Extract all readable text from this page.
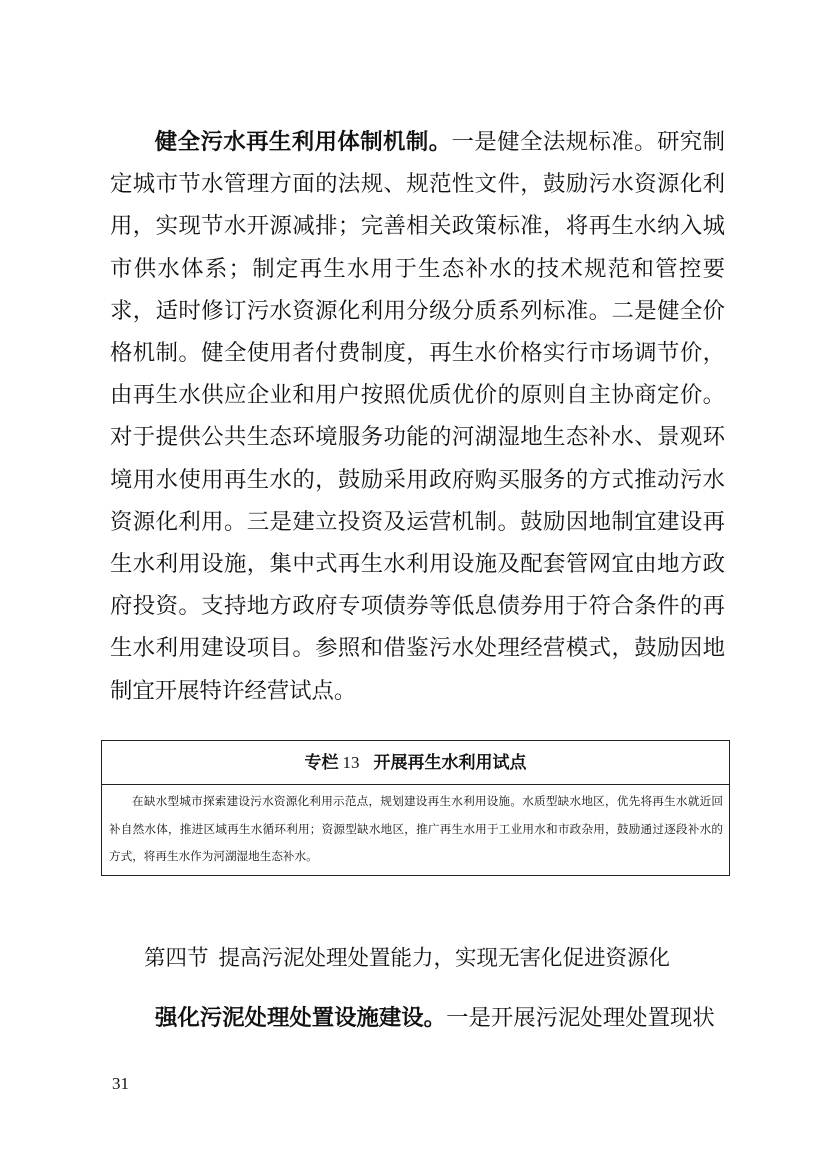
健全污水再生利用体制机制。一是健全法规标准。研究制定城市节水管理方面的法规、规范性文件，鼓励污水资源化利用，实现节水开源减排；完善相关政策标准，将再生水纳入城市供水体系；制定再生水用于生态补水的技术规范和管控要求，适时修订污水资源化利用分级分质系列标准。二是健全价格机制。健全使用者付费制度，再生水价格实行市场调节价，由再生水供应企业和用户按照优质优价的原则自主协商定价。对于提供公共生态环境服务功能的河湖湿地生态补水、景观环境用水使用再生水的，鼓励采用政府购买服务的方式推动污水资源化利用。三是建立投资及运营机制。鼓励因地制宜建设再生水利用设施，集中式再生水利用设施及配套管网宜由地方政府投资。支持地方政府专项债券等低息债券用于符合条件的再生水利用建设项目。参照和借鉴污水处理经营模式，鼓励因地制宜开展特许经营试点。

专栏 13 开展再生水利用试点

在缺水型城市探索建设污水资源化利用示范点，规划建设再生水利用设施。水质型缺水地区，优先将再生水就近回补自然水体，推进区域再生水循环利用；资源型缺水地区，推广再生水用于工业用水和市政杂用，鼓励通过逐段补水的方式，将再生水作为河湖湿地生态补水。

第四节 提高污泥处理处置能力，实现无害化促进资源化

强化污泥处理处置设施建设。一是开展污泥处理处置现状

31
